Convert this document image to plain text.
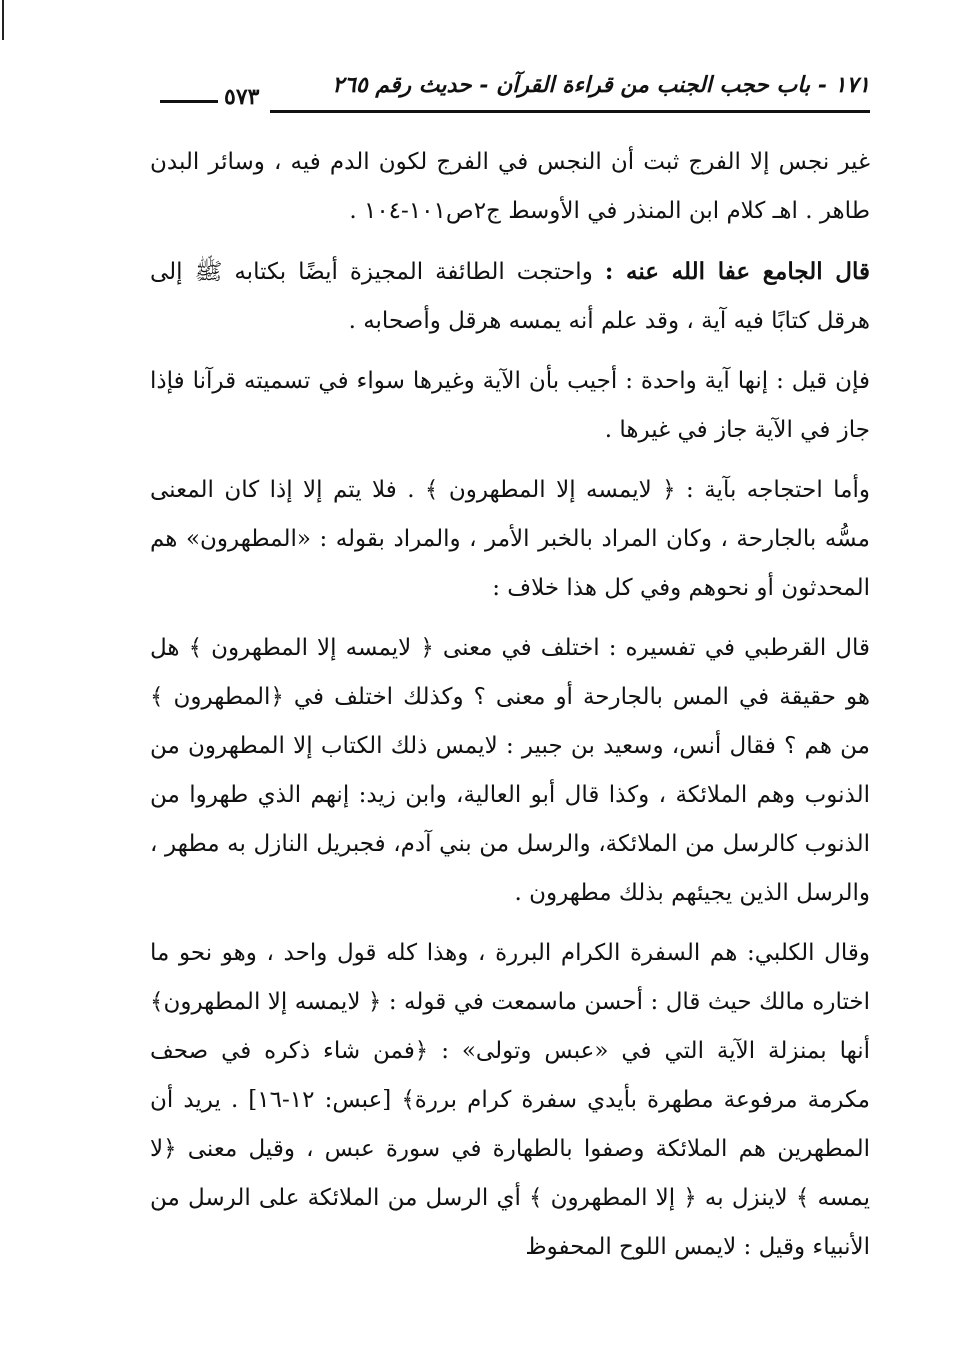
١٧١ - باب حجب الجنب من قراءة القرآن - حديث رقم ٢٦٥
٥٧٣

غير نجس إلا الفرج ثبت أن النجس في الفرج لكون الدم فيه ، وسائر البدن طاهر . اهـ كلام ابن المنذر في الأوسط ج٢ص١٠١-١٠٤ .

قال الجامع عفا الله عنه : واحتجت الطائفة المجيزة أيضًا بكتابه ﷺ إلى هرقل كتابًا فيه آية ، وقد علم أنه يمسه هرقل وأصحابه .

فإن قيل : إنها آية واحدة : أجيب بأن الآية وغيرها سواء في تسميته قرآنا فإذا جاز في الآية جاز في غيرها .

وأما احتجاجه بآية : ﴿ لايمسه إلا المطهرون ﴾ . فلا يتم إلا إذا كان المعنى مسُّه بالجارحة ، وكان المراد بالخبر الأمر ، والمراد بقوله : «المطهرون» هم المحدثون أو نحوهم وفي كل هذا خلاف :

قال القرطبي في تفسيره : اختلف في معنى ﴿ لايمسه إلا المطهرون ﴾ هل هو حقيقة في المس بالجارحة أو معنى ؟ وكذلك اختلف في ﴿المطهرون ﴾ من هم ؟ فقال أنس، وسعيد بن جبير : لايمس ذلك الكتاب إلا المطهرون من الذنوب وهم الملائكة ، وكذا قال أبو العالية، وابن زيد: إنهم الذي طهروا من الذنوب كالرسل من الملائكة، والرسل من بني آدم، فجبريل النازل به مطهر ، والرسل الذين يجيئهم بذلك مطهرون .

وقال الكلبي: هم السفرة الكرام البررة ، وهذا كله قول واحد ، وهو نحو ما اختاره مالك حيث قال : أحسن ماسمعت في قوله : ﴿ لايمسه إلا المطهرون﴾ أنها بمنزلة الآية التي في «عبس وتولى» : ﴿فمن شاء ذكره في صحف مكرمة مرفوعة مطهرة بأيدي سفرة كرام بررة﴾ [عبس: ١٢-١٦] . يريد أن المطهرين هم الملائكة وصفوا بالطهارة في سورة عبس ، وقيل معنى ﴿لا يمسه ﴾ لاينزل به ﴿ إلا المطهرون ﴾ أي الرسل من الملائكة على الرسل من الأنبياء وقيل : لايمس اللوح المحفوظ
